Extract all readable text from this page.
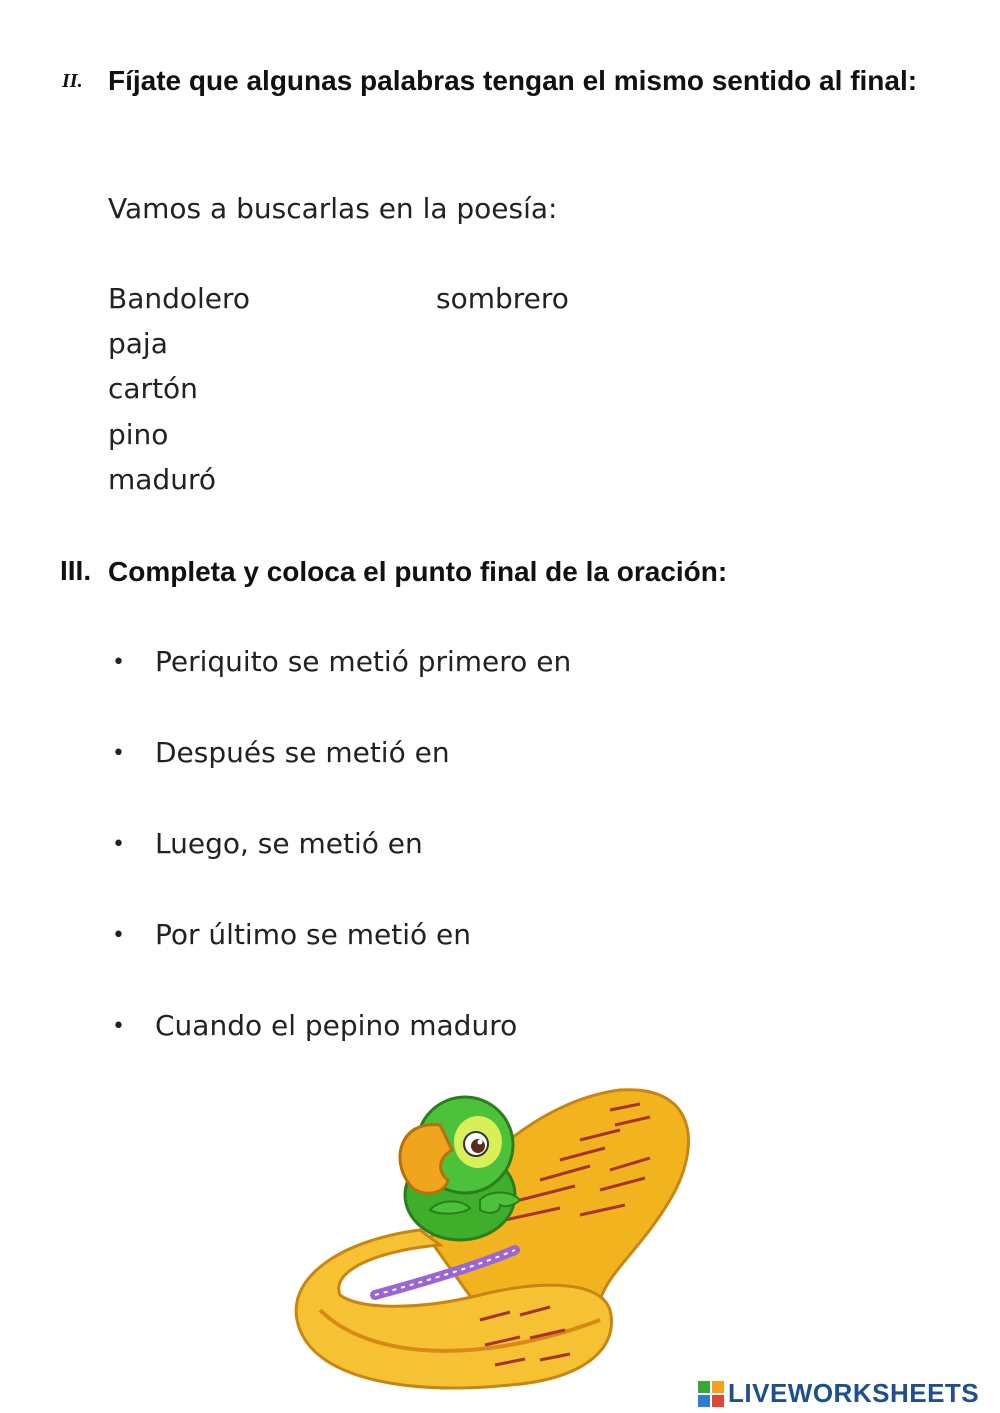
II. Fíjate que algunas palabras tengan el mismo sentido al final:
Vamos a buscarlas en la poesía:
Bandolero	sombrero
paja
cartón
pino
maduró
III. Completa y coloca el punto final de la oración:
• Periquito se metió primero en
• Después se metió en
• Luego, se metió en
• Por último se metió en
• Cuando el pepino maduro
LIVEWORKSHEETS
